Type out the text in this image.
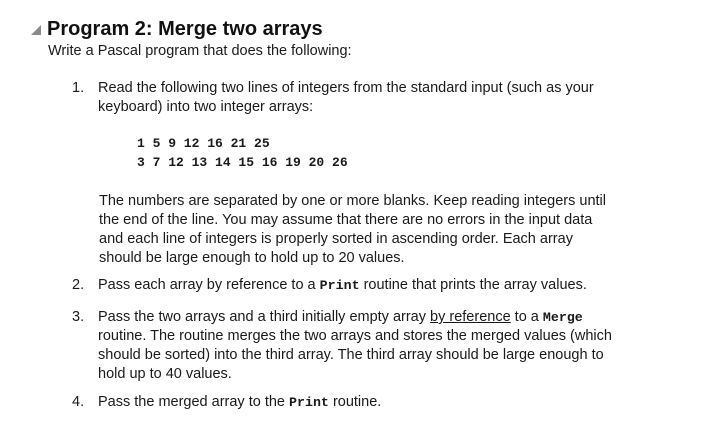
Program 2: Merge two arrays

Write a Pascal program that does the following:

1. Read the following two lines of integers from the standard input (such as your
keyboard) into two integer arrays:
1 5 9 12 16 21 25
3 7 12 13 14 15 16 19 20 26
The numbers are separated by one or more blanks. Keep reading integers until
the end of the line. You may assume that there are no errors in the input data
and each line of integers is properly sorted in ascending order. Each array
should be large enough to hold up to 20 values.
2. Pass each array by reference to a Print routine that prints the array values.
3. Pass the two arrays and a third initially empty array by reference to a Merge
routine. The routine merges the two arrays and stores the merged values (which
should be sorted) into the third array. The third array should be large enough to
hold up to 40 values.
4. Pass the merged array to the Print routine.
